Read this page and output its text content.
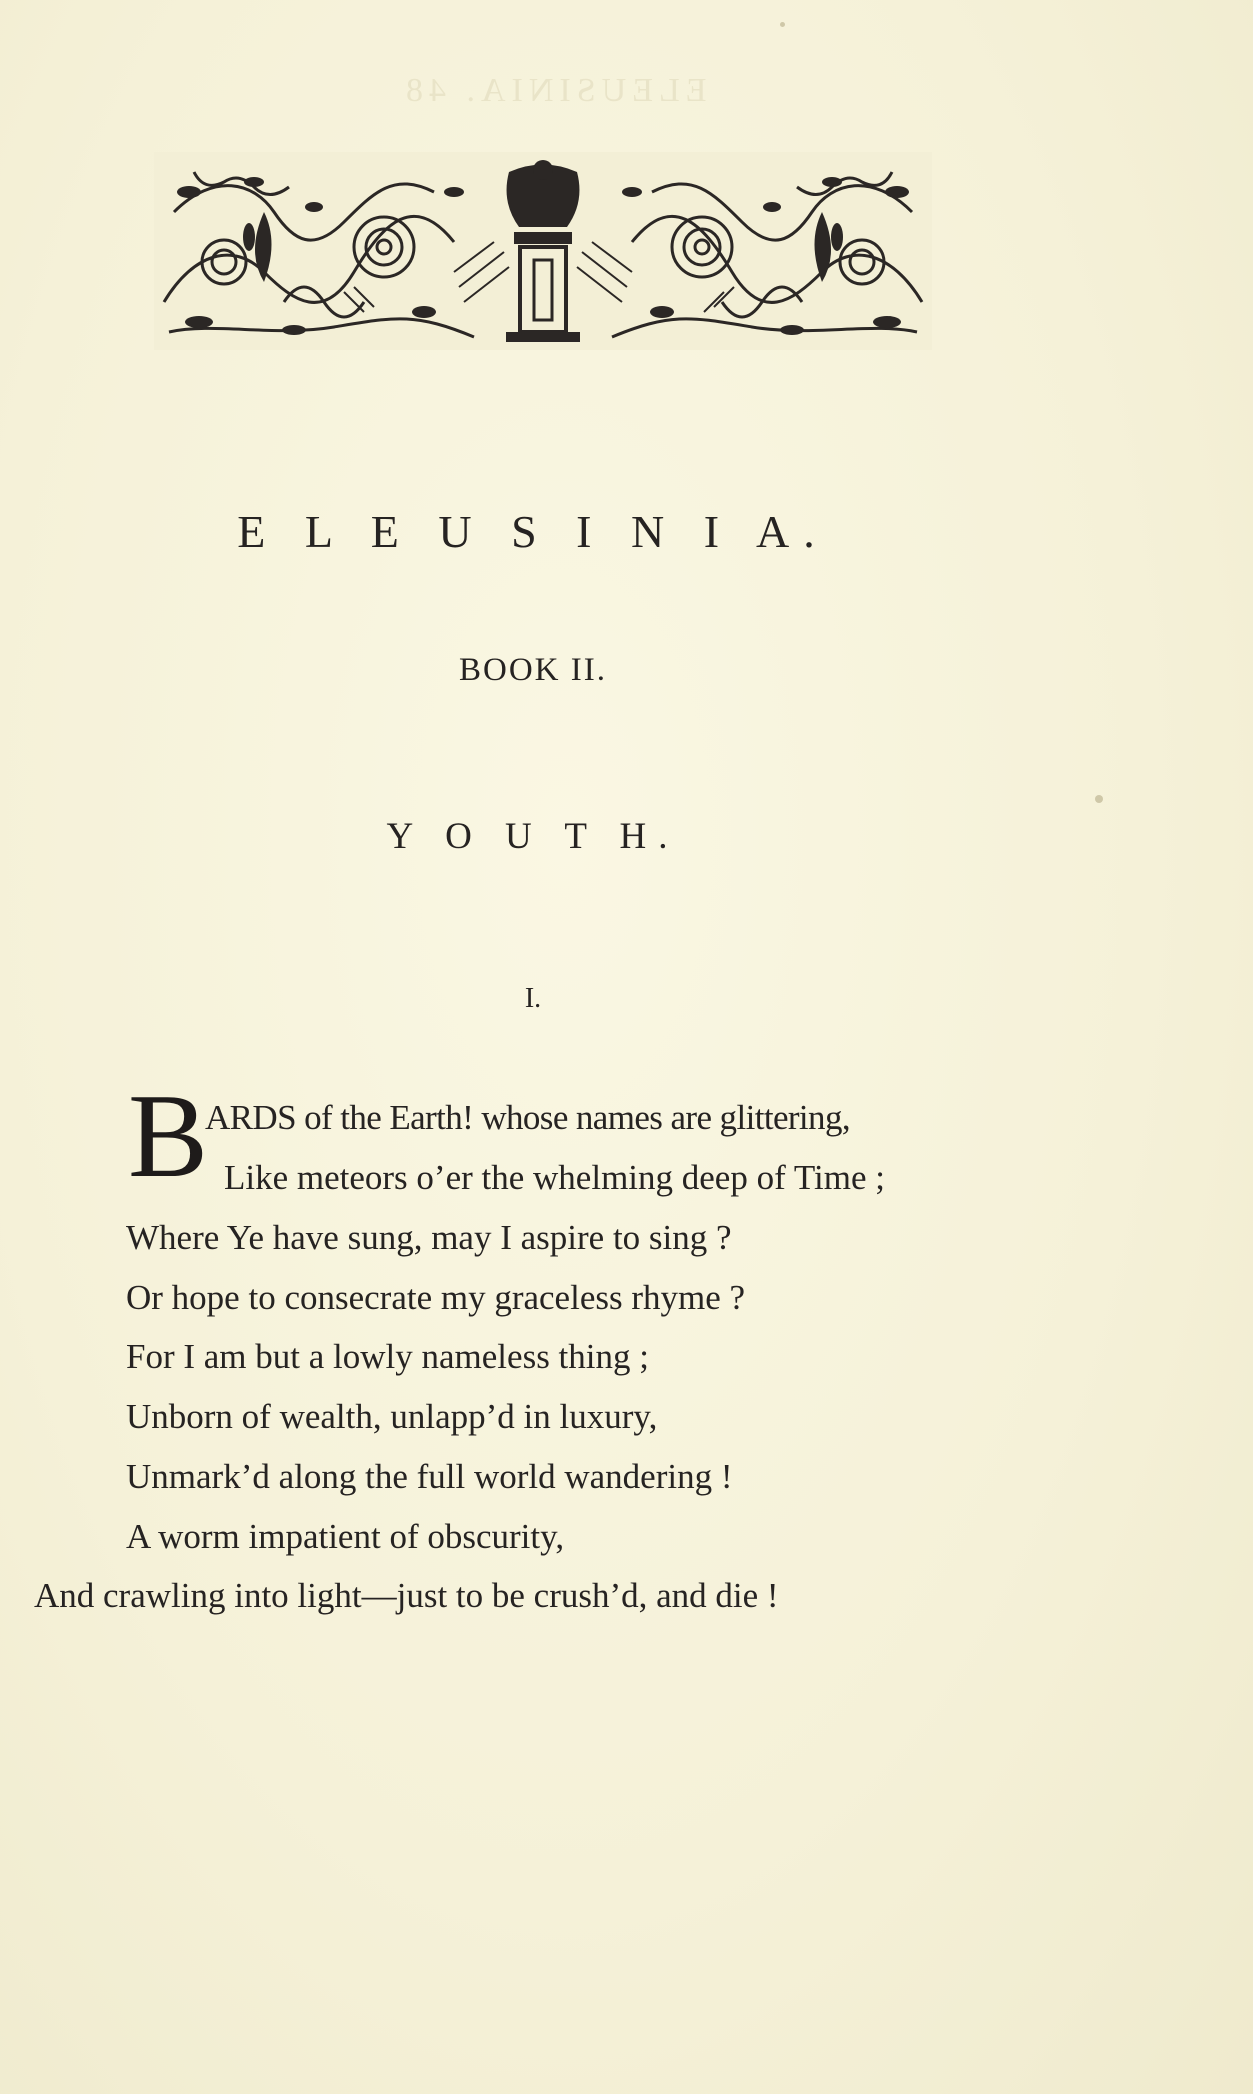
ELEUSINIA. 48
E L E U S I N I A.
BOOK II.
Y O U T H.
I.
B
ARDS of the Earth! whose names are glittering,
Like meteors o’er the whelming deep of Time ;
Where Ye have sung, may I aspire to sing ?
Or hope to consecrate my graceless rhyme ?
For I am but a lowly nameless thing ;
Unborn of wealth, unlapp’d in luxury,
Unmark’d along the full world wandering !
A worm impatient of obscurity,
And crawling into light—just to be crush’d, and die !
